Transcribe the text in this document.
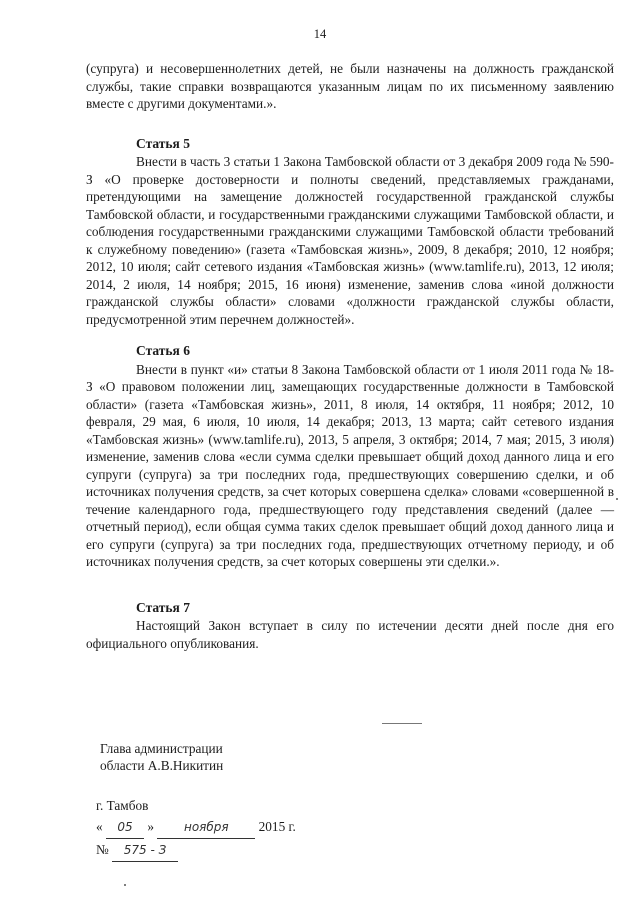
14

(супруга) и несовершеннолетних детей, не были назначены на должность гражданской службы, такие справки возвращаются указанным лицам по их письменному заявлению вместе с другими документами.».

Статья 5

Внести в часть 3 статьи 1 Закона Тамбовской области от 3 декабря 2009 года № 590-З «О проверке достоверности и полноты сведений, представляемых гражданами, претендующими на замещение должностей государственной гражданской службы Тамбовской области, и государственными гражданскими служащими Тамбовской области, и соблюдения государственными гражданскими служащими Тамбовской области требований к служебному поведению» (газета «Тамбовская жизнь», 2009, 8 декабря; 2010, 12 ноября; 2012, 10 июля; сайт сетевого издания «Тамбовская жизнь» (www.tamlife.ru), 2013, 12 июля; 2014, 2 июля, 14 ноября; 2015, 16 июня) изменение, заменив слова «иной должности гражданской службы области» словами «должности гражданской службы области, предусмотренной этим перечнем должностей».

Статья 6

Внести в пункт «и» статьи 8 Закона Тамбовской области от 1 июля 2011 года № 18-З «О правовом положении лиц, замещающих государственные должности в Тамбовской области» (газета «Тамбовская жизнь», 2011, 8 июля, 14 октября, 11 ноября; 2012, 10 февраля, 29 мая, 6 июля, 10 июля, 14 декабря; 2013, 13 марта; сайт сетевого издания «Тамбовская жизнь» (www.tamlife.ru), 2013, 5 апреля, 3 октября; 2014, 7 мая; 2015, 3 июля) изменение, заменив слова «если сумма сделки превышает общий доход данного лица и его супруги (супруга) за три последних года, предшествующих совершению сделки, и об источниках получения средств, за счет которых совершена сделка» словами «совершенной в течение календарного года, предшествующего году представления сведений (далее — отчетный период), если общая сумма таких сделок превышает общий доход данного лица и его супруги (супруга) за три последних года, предшествующих отчетному периоду, и об источниках получения средств, за счет которых совершены эти сделки.».

Статья 7

Настоящий Закон вступает в силу по истечении десяти дней после дня его официального опубликования.

Глава администрации
области А.В.Никитин
г. Тамбов
« 05 »	ноября 2015 г.
№ 575 - З
